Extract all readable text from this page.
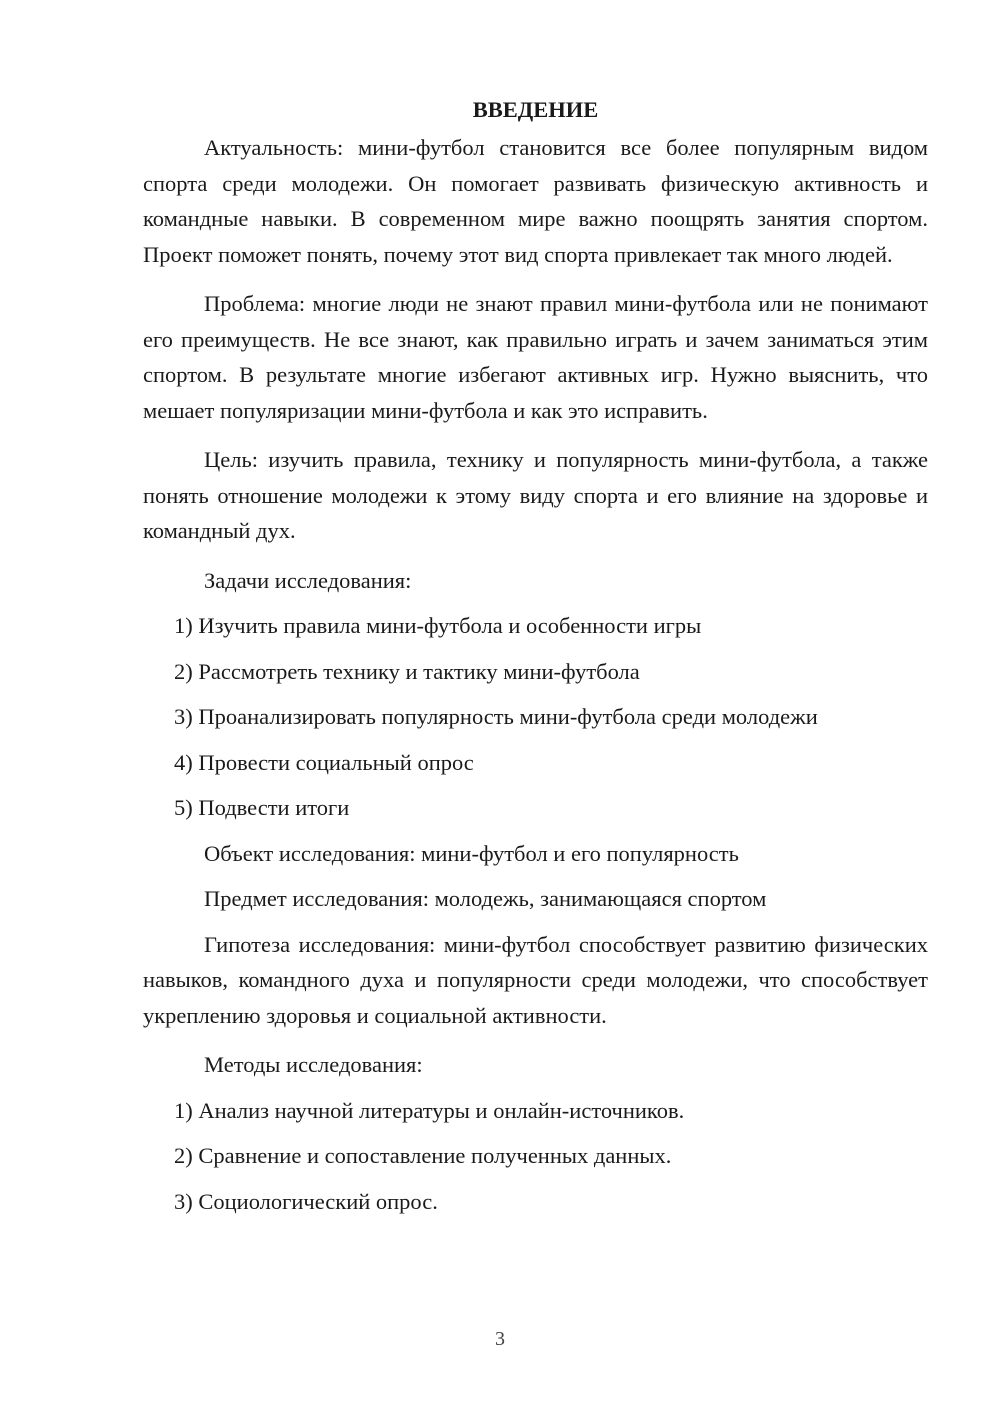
ВВЕДЕНИЕ

Актуальность: мини-футбол становится все более популярным видом спорта среди молодежи. Он помогает развивать физическую активность и командные навыки. В современном мире важно поощрять занятия спортом. Проект поможет понять, почему этот вид спорта привлекает так много людей.

Проблема: многие люди не знают правил мини-футбола или не понимают его преимуществ. Не все знают, как правильно играть и зачем заниматься этим спортом. В результате многие избегают активных игр. Нужно выяснить, что мешает популяризации мини-футбола и как это исправить.

Цель: изучить правила, технику и популярность мини-футбола, а также понять отношение молодежи к этому виду спорта и его влияние на здоровье и командный дух.

Задачи исследования:
1) Изучить правила мини-футбола и особенности игры
2) Рассмотреть технику и тактику мини-футбола
3) Проанализировать популярность мини-футбола среди молодежи
4) Провести социальный опрос
5) Подвести итоги
Объект исследования: мини-футбол и его популярность
Предмет исследования: молодежь, занимающаяся спортом

Гипотеза исследования: мини-футбол способствует развитию физических навыков, командного духа и популярности среди молодежи, что способствует укреплению здоровья и социальной активности.

Методы исследования:
1) Анализ научной литературы и онлайн-источников.
2) Сравнение и сопоставление полученных данных.
3) Социологический опрос.
3
